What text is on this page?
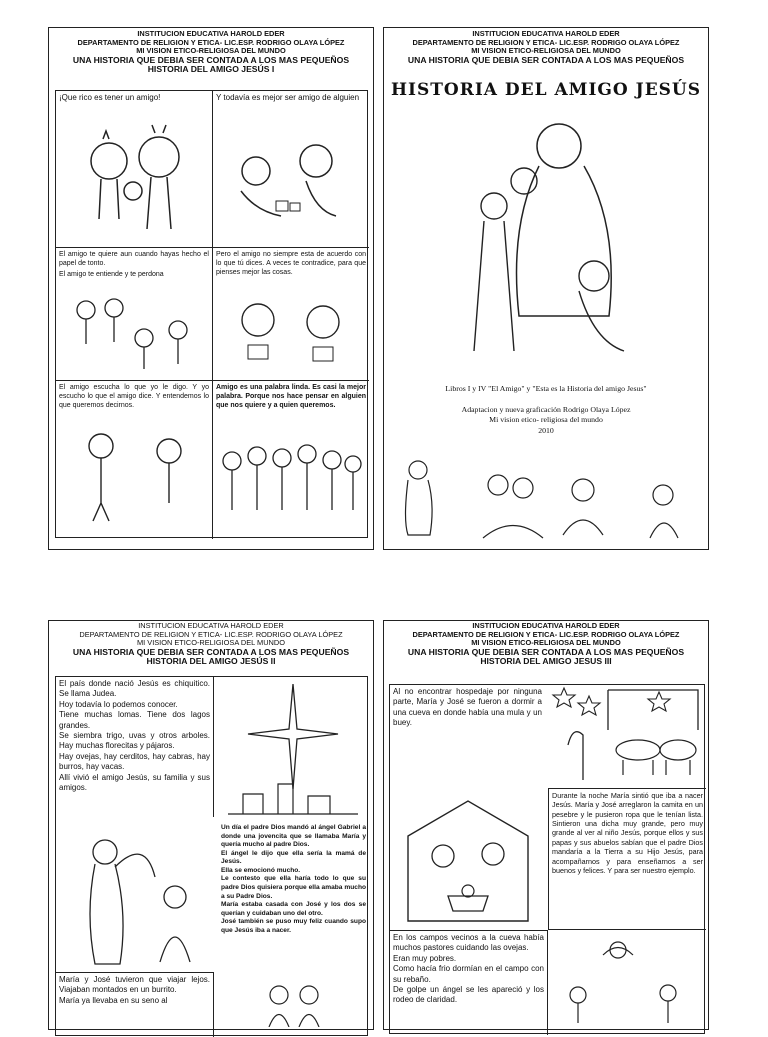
INSTITUCION EDUCATIVA HAROLD EDER
DEPARTAMENTO DE RELIGION Y ETICA- LIC.ESP. RODRIGO OLAYA LÓPEZ
MI VISION ETICO-RELIGIOSA DEL MUNDO
UNA HISTORIA QUE DEBIA SER CONTADA A LOS MAS PEQUEÑOS
HISTORIA DEL AMIGO JESÚS I
¡Que rico es tener un amigo!	Y todavía es mejor ser amigo de alguien
El amigo te quiere aun cuando hayas hecho el papel de tonto.
El amigo te entiende y te perdona
Pero el amigo no siempre esta de acuerdo con lo que tú dices. A veces te contradice, para que pienses mejor las cosas.
El amigo escucha lo que yo le digo. Y yo escucho lo que el amigo dice. Y entendemos lo que queremos decirnos.
Amigo es una palabra linda. Es casi la mejor palabra. Porque nos hace pensar en alguien que nos quiere y a quien queremos.
INSTITUCION EDUCATIVA HAROLD EDER
DEPARTAMENTO DE RELIGION Y ETICA- LIC.ESP. RODRIGO OLAYA LÓPEZ
MI VISION ETICO-RELIGIOSA DEL MUNDO
UNA HISTORIA QUE DEBIA SER CONTADA A LOS MAS PEQUEÑOS
HISTORIA DEL AMIGO JESÚS
Libros I y IV "El Amigo" y "Esta es la Historia del amigo Jesus"
Adaptacion y nueva graficación Rodrigo Olaya López
Mi vision etico- religiosa del mundo
2010
INSTITUCION EDUCATIVA HAROLD EDER
DEPARTAMENTO DE RELIGION Y ETICA- LIC.ESP. RODRIGO OLAYA LÓPEZ
MI VISION ETICO-RELIGIOSA DEL MUNDO
UNA HISTORIA QUE DEBIA SER CONTADA A LOS MAS PEQUEÑOS
HISTORIA DEL AMIGO JESÚS II
El país donde nació Jesús es chiquitico. Se llama Judea.
Hoy todavía lo podemos conocer.
Tiene muchas lomas. Tiene dos lagos grandes.
Se siembra trigo, uvas y otros arboles. Hay muchas florecitas y pájaros.
Hay ovejas, hay cerditos, hay cabras, hay burros, hay vacas.
Allí vivió el amigo Jesús, su familia y sus amigos.
Un día el padre Dios mandó al ángel Gabriel a donde una jovencita que se llamaba María y quería mucho al padre Dios.
El ángel le dijo que ella sería la mamá de Jesús.
Ella se emocionó mucho.
Le contesto que ella haría todo lo que su padre Dios quisiera porque ella amaba mucho a su Padre Dios.
María estaba casada con José y los dos se querían y cuidaban uno del otro.
José también se puso muy feliz cuando supo que Jesús iba a nacer.
María y José tuvieron que viajar lejos. Viajaban montados en un burrito.
María ya llevaba en su seno al
INSTITUCION EDUCATIVA HAROLD EDER
DEPARTAMENTO DE RELIGION Y ETICA- LIC.ESP. RODRIGO OLAYA LÓPEZ
MI VISION ETICO-RELIGIOSA DEL MUNDO
UNA HISTORIA QUE DEBIA SER CONTADA A LOS MAS PEQUEÑOS
HISTORIA DEL AMIGO JESUS III
Al no encontrar hospedaje por ninguna parte, María y José se fueron a dormir a una cueva en donde había una mula y un buey.
Durante la noche María sintió que iba a nacer Jesús. María y José arreglaron la camita en un pesebre y le pusieron ropa que le tenían lista. Sintieron una dicha muy grande, pero muy grande al ver al niño Jesús, porque ellos y sus papas y sus abuelos sabían que el padre Dios mandaría a la Tierra a su Hijo Jesús, para acompañarnos y para enseñarnos a ser buenos y felices. Y para ser nuestro ejemplo.
En los campos vecinos a la cueva había muchos pastores cuidando las ovejas.
Eran muy pobres.
Como hacía frio dormían en el campo con su rebaño.
De golpe un ángel se les apareció y los rodeo de claridad.
